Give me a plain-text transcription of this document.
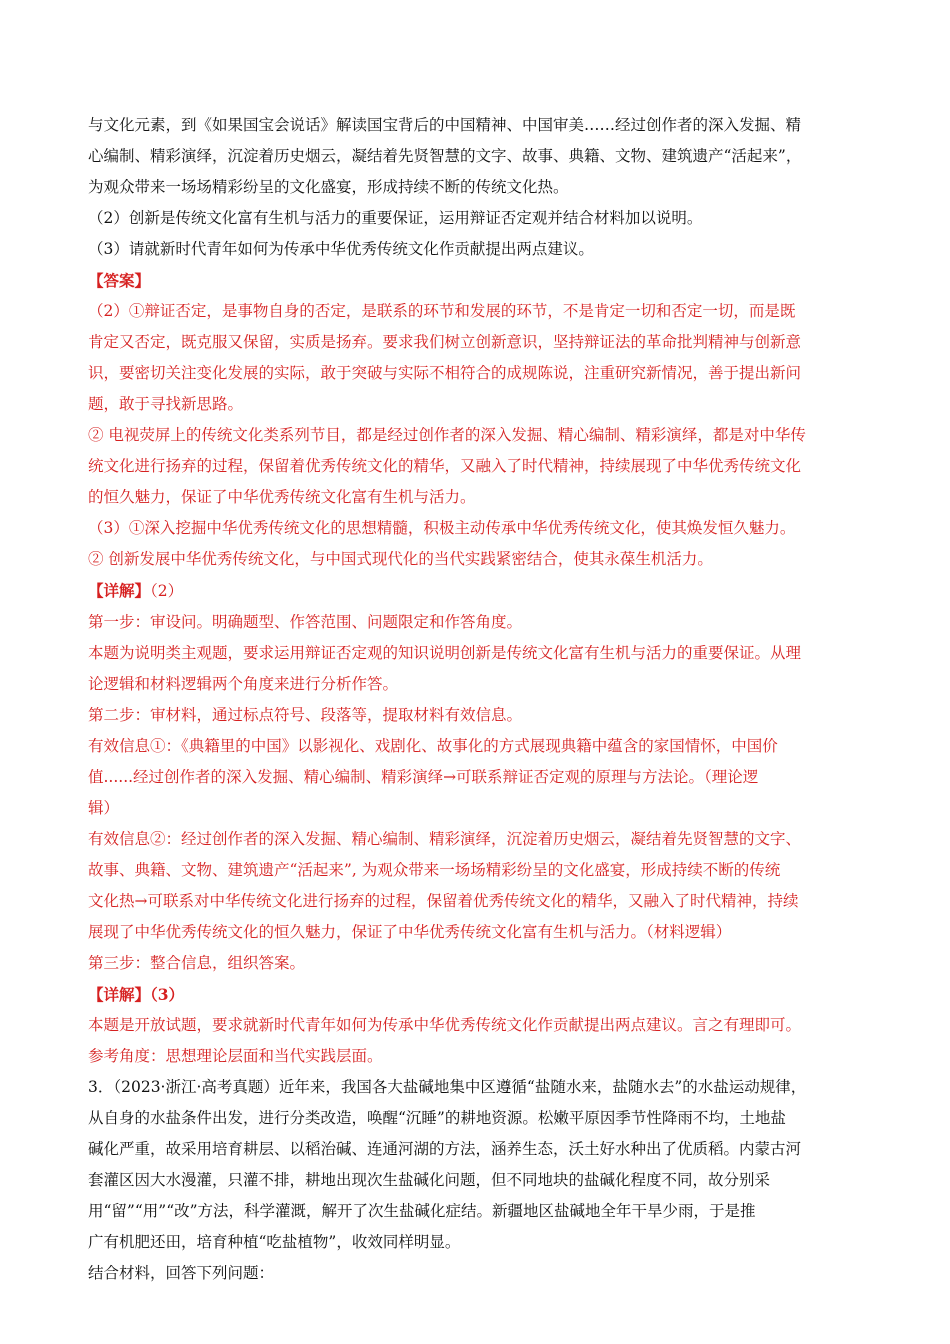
与文化元素，到《如果国宝会说话》解读国宝背后的中国精神、中国审美……经过创作者的深入发掘、精

心编制、精彩演绎，沉淀着历史烟云，凝结着先贤智慧的文字、故事、典籍、文物、建筑遗产“活起来”，

为观众带来一场场精彩纷呈的文化盛宴，形成持续不断的传统文化热。

（2）创新是传统文化富有生机与活力的重要保证，运用辩证否定观并结合材料加以说明。

（3）请就新时代青年如何为传承中华优秀传统文化作贡献提出两点建议。

【答案】

（2）①辩证否定，是事物自身的否定，是联系的环节和发展的环节，不是肯定一切和否定一切，而是既

肯定又否定，既克服又保留，实质是扬弃。要求我们树立创新意识，坚持辩证法的革命批判精神与创新意

识，要密切关注变化发展的实际，敢于突破与实际不相符合的成规陈说，注重研究新情况，善于提出新问

题，敢于寻找新思路。

② 电视荧屏上的传统文化类系列节目，都是经过创作者的深入发掘、精心编制、精彩演绎，都是对中华传

统文化进行扬弃的过程，保留着优秀传统文化的精华，又融入了时代精神，持续展现了中华优秀传统文化

的恒久魅力，保证了中华优秀传统文化富有生机与活力。

（3）①深入挖掘中华优秀传统文化的思想精髓，积极主动传承中华优秀传统文化，使其焕发恒久魅力。

② 创新发展中华优秀传统文化，与中国式现代化的当代实践紧密结合，使其永葆生机活力。

【详解】（2）

第一步：审设问。明确题型、作答范围、问题限定和作答角度。

本题为说明类主观题，要求运用辩证否定观的知识说明创新是传统文化富有生机与活力的重要保证。从理

论逻辑和材料逻辑两个角度来进行分析作答。

第二步：审材料，通过标点符号、段落等，提取材料有效信息。

有效信息①：《典籍里的中国》以影视化、戏剧化、故事化的方式展现典籍中蕴含的家国情怀，中国价

值......经过创作者的深入发掘、精心编制、精彩演绎→可联系辩证否定观的原理与方法论。（理论逻

辑）

有效信息②：经过创作者的深入发掘、精心编制、精彩演绎，沉淀着历史烟云，凝结着先贤智慧的文字、

故事、典籍、文物、建筑遗产“活起来”, 为观众带来一场场精彩纷呈的文化盛宴，形成持续不断的传统

文化热→可联系对中华传统文化进行扬弃的过程，保留着优秀传统文化的精华，又融入了时代精神，持续

展现了中华优秀传统文化的恒久魅力，保证了中华优秀传统文化富有生机与活力。（材料逻辑）

第三步：整合信息，组织答案。

【详解】（3）

本题是开放试题，要求就新时代青年如何为传承中华优秀传统文化作贡献提出两点建议。言之有理即可。

参考角度：思想理论层面和当代实践层面。

3．（2023·浙江·高考真题）近年来，我国各大盐碱地集中区遵循“盐随水来，盐随水去”的水盐运动规律，

从自身的水盐条件出发，进行分类改造，唤醒“沉睡”的耕地资源。松嫩平原因季节性降雨不均，土地盐

碱化严重，故采用培育耕层、以稻治碱、连通河湖的方法，涵养生态，沃土好水种出了优质稻。内蒙古河

套灌区因大水漫灌，只灌不排，耕地出现次生盐碱化问题，但不同地块的盐碱化程度不同，故分别采

用“留”“用”“改”方法，科学灌溉，解开了次生盐碱化症结。新疆地区盐碱地全年干旱少雨，于是推

广有机肥还田，培育种植“吃盐植物”，收效同样明显。

结合材料，回答下列问题：
